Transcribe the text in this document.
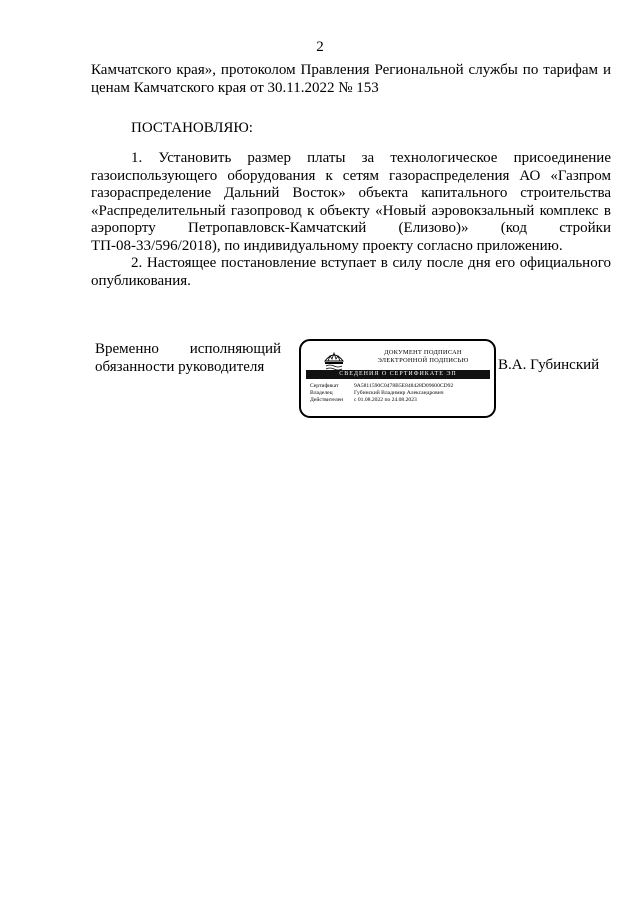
2
Камчатского края», протоколом Правления Региональной службы по тарифам и
ценам Камчатского края от 30.11.2022 № 153
ПОСТАНОВЛЯЮ:
1. Установить размер платы за технологическое присоединение
газоиспользующего оборудования к сетям газораспределения АО «Газпром
газораспределение Дальний Восток» объекта капитального строительства
«Распределительный газопровод к объекту «Новый аэровокзальный комплекс в
аэропорту Петропавловск-Камчатский (Елизово)» (код стройки
ТП-08-33/596/2018), по индивидуальному проекту согласно приложению.
2. Настоящее постановление вступает в силу после дня его официального
опубликования.
Временно исполняющий
обязанности руководителя
ДОКУМЕНТ ПОДПИСАН
ЭЛЕКТРОННОЙ ПОДПИСЬЮ
СВЕДЕНИЯ О СЕРТИФИКАТЕ ЭП
Сертификат	9A5811590C0478B5E848428D09600CD92
Владелец	Губинский Владимир Александрович
Действителен с 01.08.2022 по 24.08.2023
В.А. Губинский
